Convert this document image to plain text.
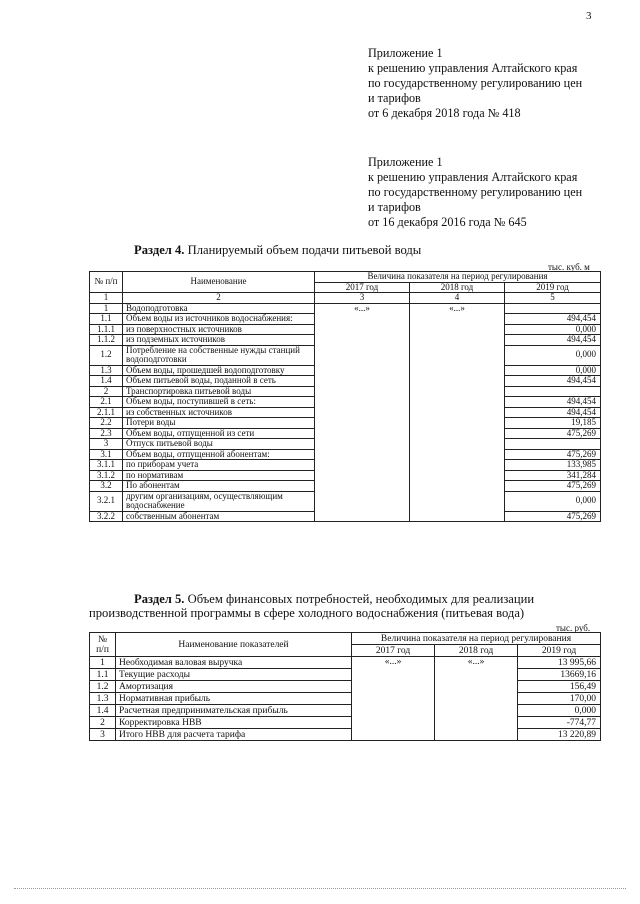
3
Приложение 1
к решению управления Алтайского края
по государственному регулированию цен
и тарифов
от 6 декабря 2018 года № 418
Приложение 1
к решению управления Алтайского края
по государственному регулированию цен
и тарифов
от 16 декабря 2016 года № 645
Раздел 4. Планируемый объем подачи питьевой воды
тыс. куб. м
№ п/п	Наименование	Величина показателя на период регулирования		
		2017 год	2018 год	2019 год
1	2	3	4	5
1	Водоподготовка	«...»	«...»	
1.1	Объем воды из источников водоснабжения:			494,454
1.1.1	из поверхностных источников			0,000
1.1.2	из подземных источников			494,454
1.2	Потребление на собственные нужды станций водоподготовки			0,000
1.3	Объем воды, прошедшей водоподготовку			0,000
1.4	Объем питьевой воды, поданной в сеть			494,454
2	Транспортировка питьевой воды			
2.1	Объем воды, поступившей в сеть:			494,454
2.1.1	из собственных источников			494,454
2.2	Потери воды			19,185
2.3	Объем воды, отпущенной из сети			475,269
3	Отпуск питьевой воды			
3.1	Объем воды, отпущенной абонентам:			475,269
3.1.1	по приборам учета			133,985
3.1.2	по нормативам			341,284
3.2	По абонентам			475,269
3.2.1	другим организациям, осуществляющим водоснабжение			0,000
3.2.2	собственным абонентам			475,269
Раздел 5. Объем финансовых потребностей, необходимых для реализации
производственной программы в сфере холодного водоснабжения (питьевая вода)
тыс. руб.
№ п/п	Наименование показателей	Величина показателя на период регулирования		
		2017 год	2018 год	2019 год
1	Необходимая валовая выручка	«...»	«...»	13 995,66
1.1	Текущие расходы			13669,16
1.2	Амортизация			156,49
1.3	Нормативная прибыль			170,00
1.4	Расчетная предпринимательская прибыль			0,000
2	Корректировка НВВ			-774,77
3	Итого НВВ для расчета тарифа			13 220,89
